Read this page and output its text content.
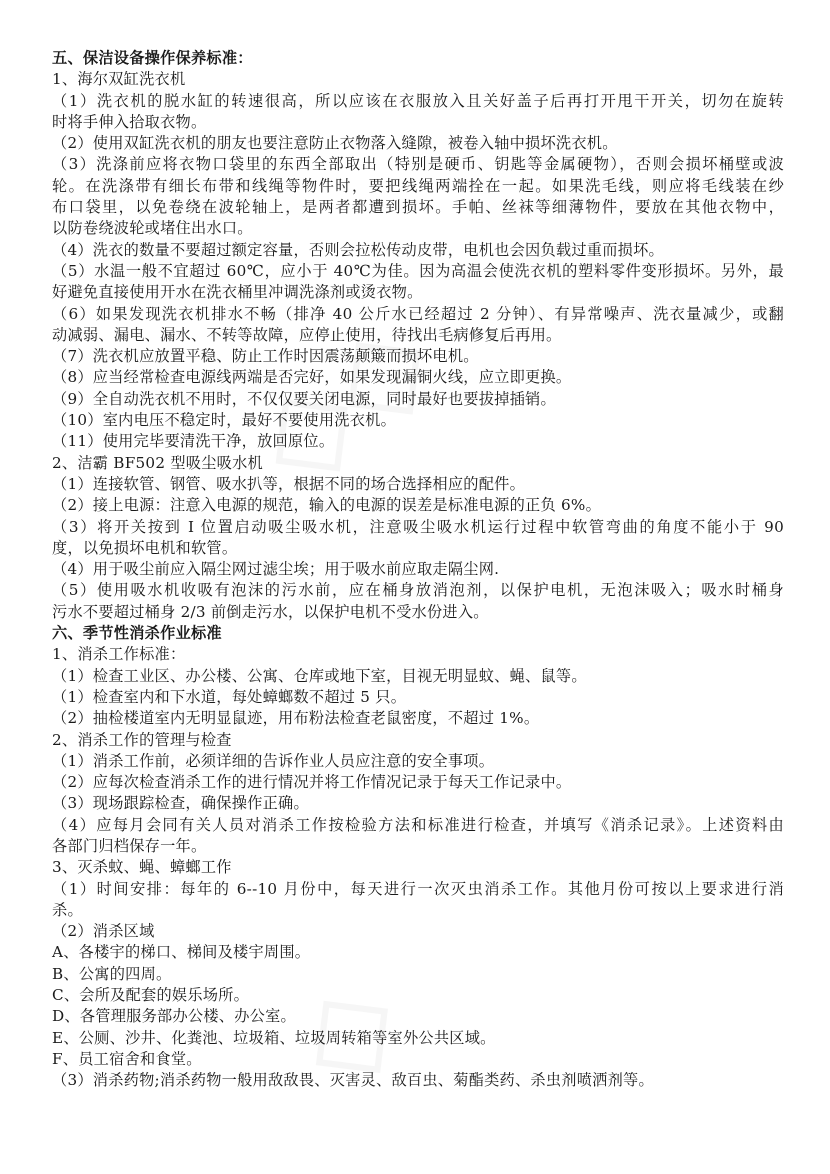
五、保洁设备操作保养标准：

1、海尔双缸洗衣机

（1）洗衣机的脱水缸的转速很高，所以应该在衣服放入且关好盖子后再打开甩干开关，切勿在旋转

时将手伸入拾取衣物。

（2）使用双缸洗衣机的朋友也要注意防止衣物落入缝隙，被卷入轴中损坏洗衣机。

（3）洗涤前应将衣物口袋里的东西全部取出（特别是硬币、钥匙等金属硬物），否则会损坏桶壁或波

轮。在洗涤带有细长布带和线绳等物件时，要把线绳两端拴在一起。如果洗毛线，则应将毛线装在纱

布口袋里，以免卷绕在波轮轴上，是两者都遭到损坏。手帕、丝袜等细薄物件，要放在其他衣物中，

以防卷绕波轮或堵住出水口。

（4）洗衣的数量不要超过额定容量，否则会拉松传动皮带，电机也会因负载过重而损坏。

（5）水温一般不宜超过 60℃，应小于 40℃为佳。因为高温会使洗衣机的塑料零件变形损坏。另外，最

好避免直接使用开水在洗衣桶里冲调洗涤剂或烫衣物。

（6）如果发现洗衣机排水不畅（排净 40 公斤水已经超过 2 分钟）、有异常噪声、洗衣量减少，或翻

动减弱、漏电、漏水、不转等故障，应停止使用，待找出毛病修复后再用。

（7）洗衣机应放置平稳、防止工作时因震荡颠簸而损坏电机。

（8）应当经常检查电源线两端是否完好，如果发现漏铜火线，应立即更换。

（9）全自动洗衣机不用时，不仅仅要关闭电源，同时最好也要拔掉插销。

（10）室内电压不稳定时，最好不要使用洗衣机。

（11）使用完毕要清洗干净，放回原位。

2、洁霸 BF502 型吸尘吸水机

（1）连接软管、钢管、吸水扒等，根据不同的场合选择相应的配件。

（2）接上电源：注意入电源的规范，输入的电源的误差是标准电源的正负 6%。

（3）将开关按到 I 位置启动吸尘吸水机，注意吸尘吸水机运行过程中软管弯曲的角度不能小于 90

度，以免损坏电机和软管。

（4）用于吸尘前应入隔尘网过滤尘埃；用于吸水前应取走隔尘网.

（5）使用吸水机收吸有泡沫的污水前，应在桶身放消泡剂，以保护电机，无泡沫吸入；吸水时桶身

污水不要超过桶身 2/3 前倒走污水，以保护电机不受水份进入。

六、季节性消杀作业标准

1、消杀工作标准：

（1）检查工业区、办公楼、公寓、仓库或地下室，目视无明显蚊、蝇、鼠等。

（1）检查室内和下水道，每处蟑螂数不超过 5 只。

（2）抽检楼道室内无明显鼠迹，用布粉法检查老鼠密度，不超过 1%。

2、消杀工作的管理与检查

（1）消杀工作前，必须详细的告诉作业人员应注意的安全事项。

（2）应每次检查消杀工作的进行情况并将工作情况记录于每天工作记录中。

（3）现场跟踪检查，确保操作正确。

（4）应每月会同有关人员对消杀工作按检验方法和标准进行检查，并填写《消杀记录》。上述资料由

各部门归档保存一年。

3、灭杀蚊、蝇、蟑螂工作

（1）时间安排：每年的 6--10 月份中，每天进行一次灭虫消杀工作。其他月份可按以上要求进行消

杀。

（2）消杀区域

A、各楼宇的梯口、梯间及楼宇周围。

B、公寓的四周。

C、会所及配套的娱乐场所。

D、各管理服务部办公楼、办公室。

E、公厕、沙井、化粪池、垃圾箱、垃圾周转箱等室外公共区域。

F、员工宿舍和食堂。

（3）消杀药物;消杀药物一般用敌敌畏、灭害灵、敌百虫、菊酯类药、杀虫剂喷洒剂等。
